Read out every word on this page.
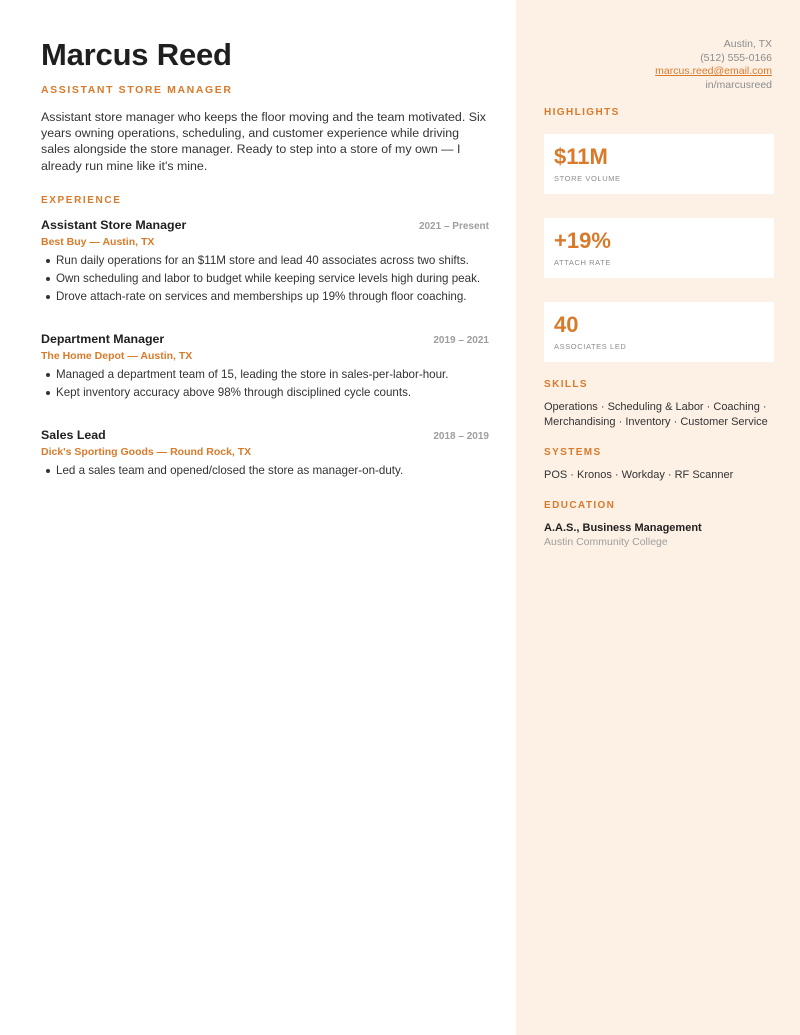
Marcus Reed
ASSISTANT STORE MANAGER
Assistant store manager who keeps the floor moving and the team motivated. Six years owning operations, scheduling, and customer experience while driving sales alongside the store manager. Ready to step into a store of my own — I already run mine like it's mine.
EXPERIENCE
Assistant Store Manager	2021 – Present
Best Buy — Austin, TX
Run daily operations for an $11M store and lead 40 associates across two shifts.
Own scheduling and labor to budget while keeping service levels high during peak.
Drove attach-rate on services and memberships up 19% through floor coaching.
Department Manager	2019 – 2021
The Home Depot — Austin, TX
Managed a department team of 15, leading the store in sales-per-labor-hour.
Kept inventory accuracy above 98% through disciplined cycle counts.
Sales Lead	2018 – 2019
Dick's Sporting Goods — Round Rock, TX
Led a sales team and opened/closed the store as manager-on-duty.
Austin, TX
(512) 555-0166
marcus.reed@email.com
in/marcusreed
HIGHLIGHTS
$11M
STORE VOLUME
+19%
ATTACH RATE
40
ASSOCIATES LED
SKILLS
Operations · Scheduling & Labor · Coaching · Merchandising · Inventory · Customer Service
SYSTEMS
POS · Kronos · Workday · RF Scanner
EDUCATION
A.A.S., Business Management
Austin Community College
